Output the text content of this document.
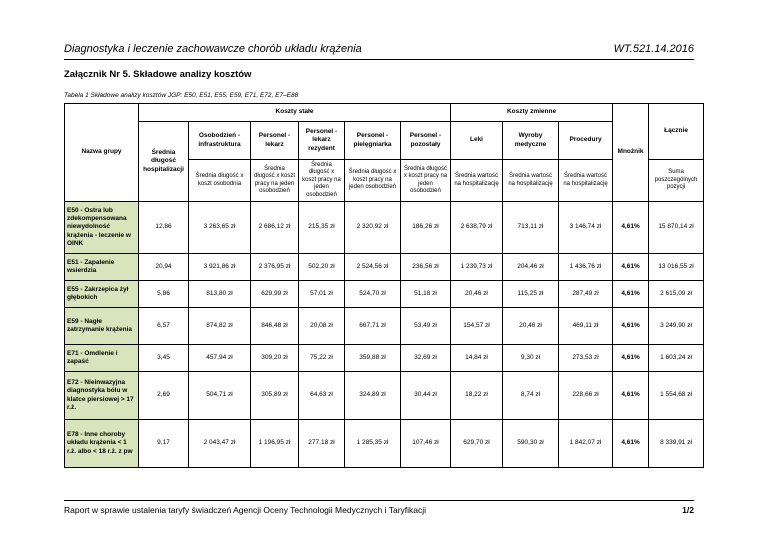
Diagnostyka i leczenie zachowawcze chorób układu krążenia	WT.521.14.2016
Załącznik Nr 5. Składowe analizy kosztów
Tabela 1 Składowe analizy kosztów JGP: E50, E51, E55, E59, E71, E72, E7–E88
Nazwa grupy	Koszty stałe						Koszty zmienne			Mnożnik	Łącznie
	Średnia długość hospitalizacji	Osobodzień - infrastruktura	Personel - lekarz	Personel - lekarz rezydent	Personel - pielęgniarka	Personel - pozostały	Leki	Wyroby medyczne	Procedury		
		Średnia długość x koszt osobodnia	Średnia długość x koszt pracy na jeden osobodzień	Średnia długość x koszt pracy na jeden osobodzień	Średnia długość x koszt pracy na jeden osobodzień	Średnia długość x koszt pracy na jeden osobodzień	Średnia wartość na hospitalizację	Średnia wartość na hospitalizację	Średnia wartość na hospitalizację		Suma poszczególnych pozycji
E50 - Ostra lub zdekompensowana niewydolność krążenia - leczenie w OINK	12,86	3 263,65 zł	2 686,12 zł	215,35 zł	2 320,92 zł	186,26 zł	2 638,79 zł	713,11 zł	3 146,74 zł	4,61%	15 870,14 zł
E51 - Zapalenie wsierdzia	20,94	3 921,86 zł	2 376,95 zł	502,20 zł	2 524,56 zł	236,56 zł	1 239,73 zł	204,46 zł	1 436,76 zł	4,61%	13 016,55 zł
E55 - Zakrzepica żył głębokich	5,86	813,80 zł	629,99 zł	57,01 zł	524,70 zł	51,18 zł	20,46 zł	115,25 zł	287,49 zł	4,61%	2 615,09 zł
E59 - Nagłe zatrzymanie krążenia	6,57	874,82 zł	846,48 zł	20,08 zł	667,71 zł	53,49 zł	154,57 zł	20,46 zł	469,11 zł	4,61%	3 249,90 zł
E71 - Omdlenie i zapaść	3,45	457,94 zł	309,20 zł	75,22 zł	359,88 zł	32,69 zł	14,84 zł	9,30 zł	273,53 zł	4,61%	1 603,24 zł
E72 - Nieinwazyjna diagnostyka bólu w klatce piersiowej > 17 r.ż.	2,69	504,71 zł	305,89 zł	64,63 zł	324,89 zł	30,44 zł	18,22 zł	8,74 zł	228,66 zł	4,61%	1 554,68 zł
E78 - Inne choroby układu krążenia < 1 r.ż. albo < 18 r.ż. z pw	9,17	2 043,47 zł	1 196,95 zł	277,18 zł	1 285,35 zł	107,46 zł	629,70 zł	590,30 zł	1 842,07 zł	4,61%	8 339,91 zł
Raport w sprawie ustalenia taryfy świadczeń Agencji Oceny Technologii Medycznych i Taryfikacji	1/2
